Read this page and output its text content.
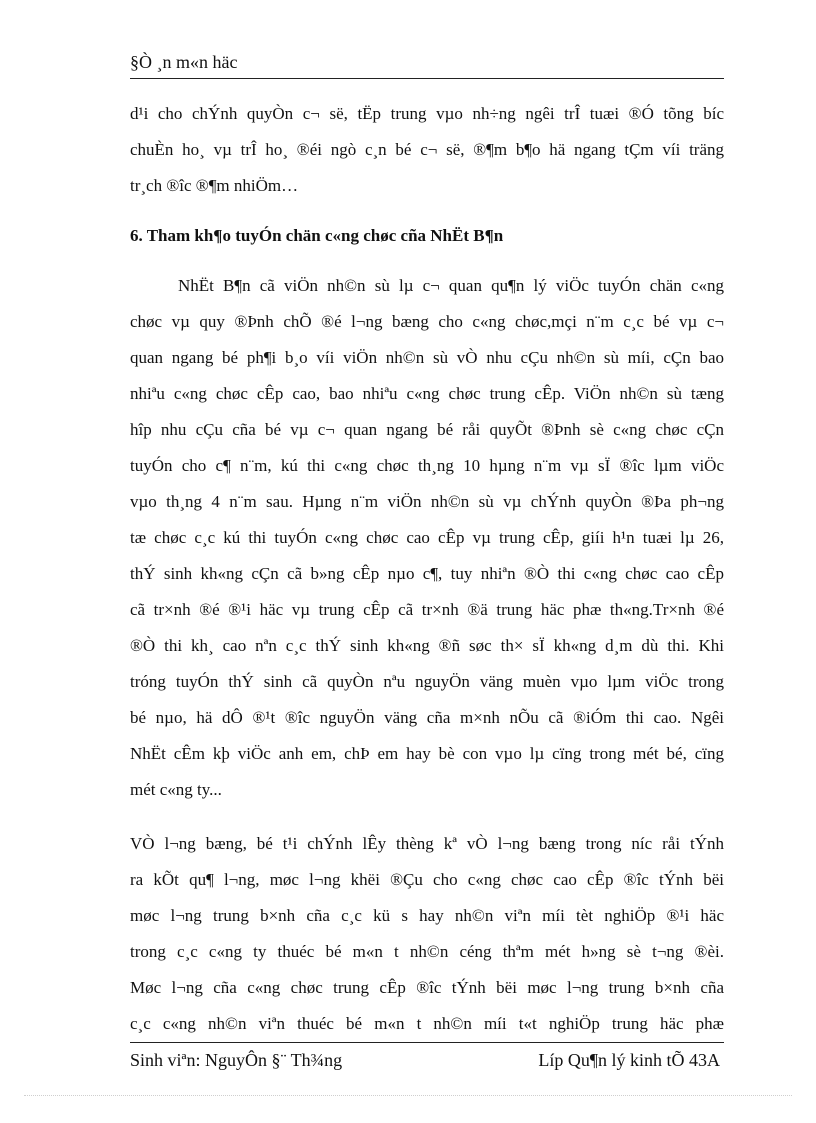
§Ò ¸n m«n häc
d¹i cho chÝnh quyÒn c¬ së, tËp trung vµo nh÷ng ngêi trÎ tuæi ®Ó tõng bíc
chuÈn ho¸ vµ trÎ ho¸ ®éi ngò c¸n bé c¬ së, ®¶m b¶o hä ngang tÇm víi träng
tr¸ch ®îc ®¶m nhiÖm…
6. Tham kh¶o tuyÓn chän c«ng chøc cña NhËt B¶n
NhËt B¶n cã viÖn nh©n sù lµ c¬ quan qu¶n lý viÖc tuyÓn chän c«ng
chøc vµ quy ®Þnh chÕ ®é l¬ng bæng cho c«ng chøc,mçi n¨m c¸c bé vµ c¬
quan ngang bé ph¶i b¸o víi viÖn nh©n sù vÒ nhu cÇu nh©n sù míi, cÇn bao
nhiªu c«ng chøc cÊp cao, bao nhiªu c«ng chøc trung cÊp. ViÖn nh©n sù tæng
hîp nhu cÇu cña bé vµ c¬ quan ngang bé råi quyÕt ®Þnh sè c«ng chøc cÇn
tuyÓn cho c¶ n¨m, kú thi c«ng chøc th¸ng 10 hµng n¨m vµ sÏ ®îc lµm viÖc
vµo th¸ng 4 n¨m sau. Hµng n¨m viÖn nh©n sù vµ chÝnh quyÒn ®Þa ph¬ng
tæ chøc c¸c kú thi tuyÓn c«ng chøc cao cÊp vµ trung cÊp, giíi h¹n tuæi lµ 26,
thÝ sinh kh«ng cÇn cã b»ng cÊp nµo c¶, tuy nhiªn ®Ò thi c«ng chøc cao cÊp
cã tr×nh ®é ®¹i häc vµ trung cÊp cã tr×nh ®ä trung häc phæ th«ng.Tr×nh ®é
®Ò thi kh¸ cao nªn c¸c thÝ sinh kh«ng ®ñ søc th× sÏ kh«ng d¸m dù thi. Khi
tróng tuyÓn thÝ sinh cã quyÒn nªu nguyÖn väng muèn vµo lµm viÖc trong
bé nµo, hä dÔ ®¹t ®îc nguyÖn väng cña m×nh nÕu cã ®iÓm thi cao. Ngêi
NhËt cÊm kþ viÖc anh em, chÞ em hay bè con vµo lµ cïng trong mét bé, cïng
mét c«ng ty...
VÒ l¬ng bæng, bé t¹i chÝnh lÊy thèng kª vÒ l¬ng bæng trong níc råi tÝnh
ra kÕt qu¶ l¬ng, møc l¬ng khëi ®Çu cho c«ng chøc cao cÊp ®îc tÝnh bëi
møc l¬ng trung b×nh cña c¸c kü s hay nh©n viªn míi tèt nghiÖp ®¹i häc
trong c¸c c«ng ty thuéc bé m«n t nh©n céng thªm mét h»ng sè t¬ng ®èi.
Møc l¬ng cña c«ng chøc trung cÊp ®îc tÝnh bëi møc l¬ng trung b×nh cña
c¸c c«ng nh©n viªn thuéc bé m«n t nh©n míi t«t nghiÖp trung häc phæ
Sinh viªn: NguyÔn §¨ Th¾ng	Líp Qu¶n lý kinh tÕ 43A
